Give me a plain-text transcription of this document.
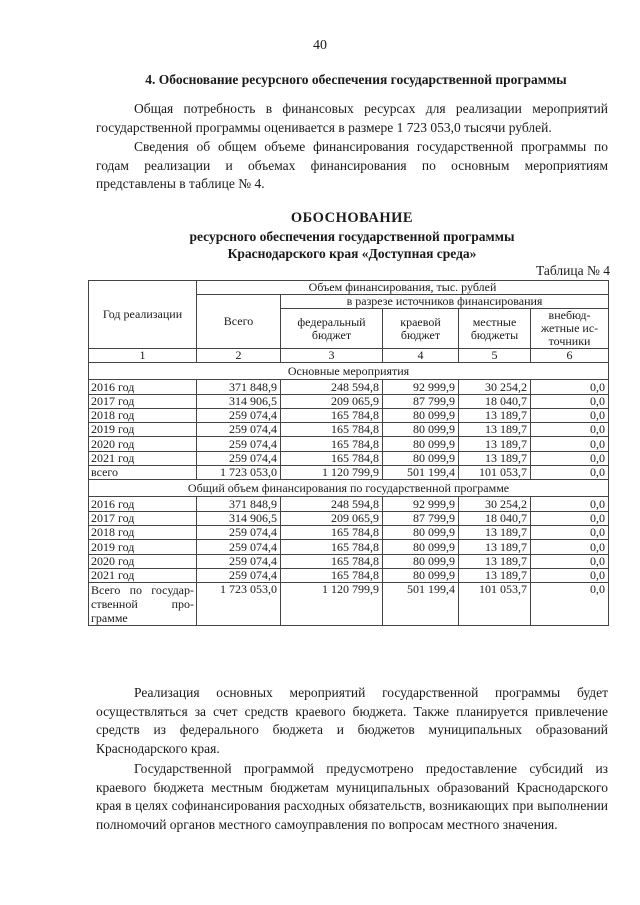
40
4. Обоснование ресурсного обеспечения государственной программы

Общая потребность в финансовых ресурсах для реализации мероприятий государственной программы оценивается в размере 1 723 053,0 тысячи рублей.

Сведения об общем объеме финансирования государственной программы по годам реализации и объемах финансирования по основным мероприятиям представлены в таблице № 4.

ОБОСНОВАНИЕ
ресурсного обеспечения государственной программы
Краснодарского края «Доступная среда»
Таблица № 4
Год реализации	Объем финансирования, тыс. рублей				
	Всего	в разрезе источников финансирования			
		федеральный бюджет	краевой бюджет	местные бюджеты	внебюд-жетные ис-точники
1	2	3	4	5	6
Основные мероприятия					
2016 год	371 848,9	248 594,8	92 999,9	30 254,2	0,0
2017 год	314 906,5	209 065,9	87 799,9	18 040,7	0,0
2018 год	259 074,4	165 784,8	80 099,9	13 189,7	0,0
2019 год	259 074,4	165 784,8	80 099,9	13 189,7	0,0
2020 год	259 074,4	165 784,8	80 099,9	13 189,7	0,0
2021 год	259 074,4	165 784,8	80 099,9	13 189,7	0,0
всего	1 723 053,0	1 120 799,9	501 199,4	101 053,7	0,0
Общий объем финансирования по государственной программе					
2016 год	371 848,9	248 594,8	92 999,9	30 254,2	0,0
2017 год	314 906,5	209 065,9	87 799,9	18 040,7	0,0
2018 год	259 074,4	165 784,8	80 099,9	13 189,7	0,0
2019 год	259 074,4	165 784,8	80 099,9	13 189,7	0,0
2020 год	259 074,4	165 784,8	80 099,9	13 189,7	0,0
2021 год	259 074,4	165 784,8	80 099,9	13 189,7	0,0

Всего по государ-
ственной про-
грамме	1 723 053,0	1 120 799,9	501 199,4	101 053,7	0,0

Реализация основных мероприятий государственной программы будет осуществляться за счет средств краевого бюджета. Также планируется привлечение средств из федерального бюджета и бюджетов муниципальных образований Краснодарского края.

Государственной программой предусмотрено предоставление субсидий из краевого бюджета местным бюджетам муниципальных образований Краснодарского края в целях софинансирования расходных обязательств, возникающих при выполнении полномочий органов местного самоуправления по вопросам местного значения.
